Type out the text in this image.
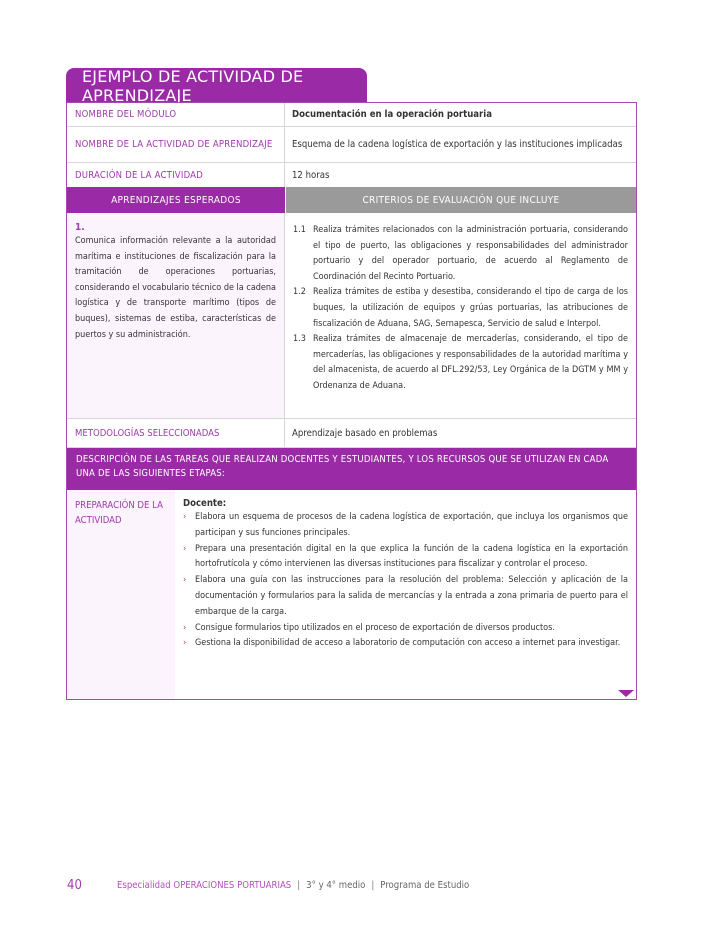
EJEMPLO DE ACTIVIDAD DE APRENDIZAJE
NOMBRE DEL MÓDULO	Documentación en la operación portuaria
NOMBRE DE LA ACTIVIDAD DE APRENDIZAJE	Esquema de la cadena logística de exportación y las instituciones implicadas
DURACIÓN DE LA ACTIVIDAD	12 horas
APRENDIZAJES ESPERADOS	CRITERIOS DE EVALUACIÓN QUE INCLUYE
1.
Comunica información relevante a la autoridad marítima e instituciones de fiscalización para la tramitación de operaciones portuarias, considerando el vocabulario técnico de la cadena logística y de transporte marítimo (tipos de buques), sistemas de estiba, características de puertos y su administración.
1.1 Realiza trámites relacionados con la administración portuaria, considerando el tipo de puerto, las obligaciones y responsabilidades del administrador portuario y del operador portuario, de acuerdo al Reglamento de Coordinación del Recinto Portuario.
1.2 Realiza trámites de estiba y desestiba, considerando el tipo de carga de los buques, la utilización de equipos y grúas portuarias, las atribuciones de fiscalización de Aduana, SAG, Sernapesca, Servicio de salud e Interpol.
1.3 Realiza trámites de almacenaje de mercaderías, considerando, el tipo de mercaderías, las obligaciones y responsabilidades de la autoridad marítima y del almacenista, de acuerdo al DFL.292/53, Ley Orgánica de la DGTM y MM y Ordenanza de Aduana.
METODOLOGÍAS SELECCIONADAS	Aprendizaje basado en problemas
DESCRIPCIÓN DE LAS TAREAS QUE REALIZAN DOCENTES Y ESTUDIANTES, Y LOS RECURSOS QUE SE UTILIZAN EN CADA UNA DE LAS SIGUIENTES ETAPAS:
PREPARACIÓN DE LA ACTIVIDAD
Docente:
› Elabora un esquema de procesos de la cadena logística de exportación, que incluya los organismos que participan y sus funciones principales.
› Prepara una presentación digital en la que explica la función de la cadena logística en la exportación hortofrutícola y cómo intervienen las diversas instituciones para fiscalizar y controlar el proceso.
› Elabora una guía con las instrucciones para la resolución del problema: Selección y aplicación de la documentación y formularios para la salida de mercancías y la entrada a zona primaria de puerto para el embarque de la carga.
› Consigue formularios tipo utilizados en el proceso de exportación de diversos productos.
› Gestiona la disponibilidad de acceso a laboratorio de computación con acceso a internet para investigar.
40	Especialidad OPERACIONES PORTUARIAS | 3° y 4° medio | Programa de Estudio
